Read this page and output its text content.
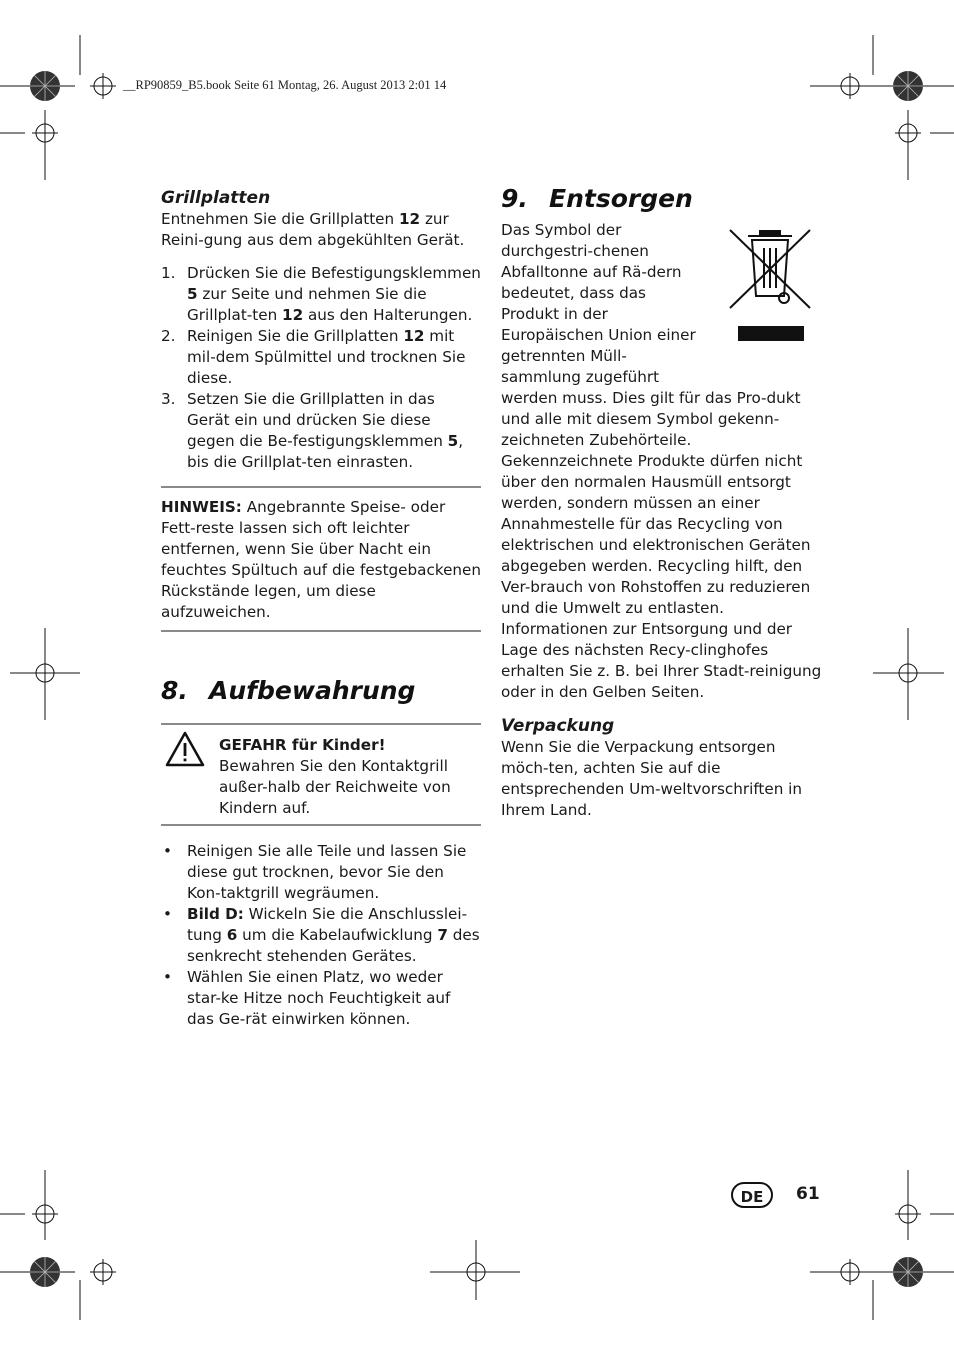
__RP90859_B5.book Seite 61 Montag, 26. August 2013 2:01 14
Grillplatten

Entnehmen Sie die Grillplatten 12 zur Reini-gung aus dem abgekühlten Gerät.

1. Drücken Sie die Befestigungsklemmen 5 zur Seite und nehmen Sie die Grillplat-ten 12 aus den Halterungen.
2. Reinigen Sie die Grillplatten 12 mit mil-dem Spülmittel und trocknen Sie diese.
3. Setzen Sie die Grillplatten in das Gerät ein und drücken Sie diese gegen die Be-festigungsklemmen 5, bis die Grillplat-ten einrasten.

HINWEIS: Angebrannte Speise- oder Fett-reste lassen sich oft leichter entfernen, wenn Sie über Nacht ein feuchtes Spültuch auf die festgebackenen Rückstände legen, um diese aufzuweichen.

8. Aufbewahrung
GEFAHR für Kinder!
Bewahren Sie den Kontaktgrill außer-halb der Reichweite von Kindern auf.
• Reinigen Sie alle Teile und lassen Sie diese gut trocknen, bevor Sie den Kon-taktgrill wegräumen.
• Bild D: Wickeln Sie die Anschlusslei-tung 6 um die Kabelaufwicklung 7 des senkrecht stehenden Gerätes.
• Wählen Sie einen Platz, wo weder star-ke Hitze noch Feuchtigkeit auf das Ge-rät einwirken können.
9. Entsorgen

Das Symbol der durchgestri-chenen Abfalltonne auf Rä-dern bedeutet, dass das Produkt in der Europäischen Union einer getrennten Müll-sammlung zugeführt werden muss. Dies gilt für das Pro-dukt und alle mit diesem Symbol gekenn-zeichneten Zubehörteile. Gekennzeichnete Produkte dürfen nicht über den normalen Hausmüll entsorgt werden, sondern müssen an einer Annahmestelle für das Recycling von elektrischen und elektronischen Geräten abgegeben werden. Recycling hilft, den Ver-brauch von Rohstoffen zu reduzieren und die Umwelt zu entlasten. Informationen zur Entsorgung und der Lage des nächsten Recy-clinghofes erhalten Sie z. B. bei Ihrer Stadt-reinigung oder in den Gelben Seiten.

Verpackung

Wenn Sie die Verpackung entsorgen möch-ten, achten Sie auf die entsprechenden Um-weltvorschriften in Ihrem Land.

DE	61
